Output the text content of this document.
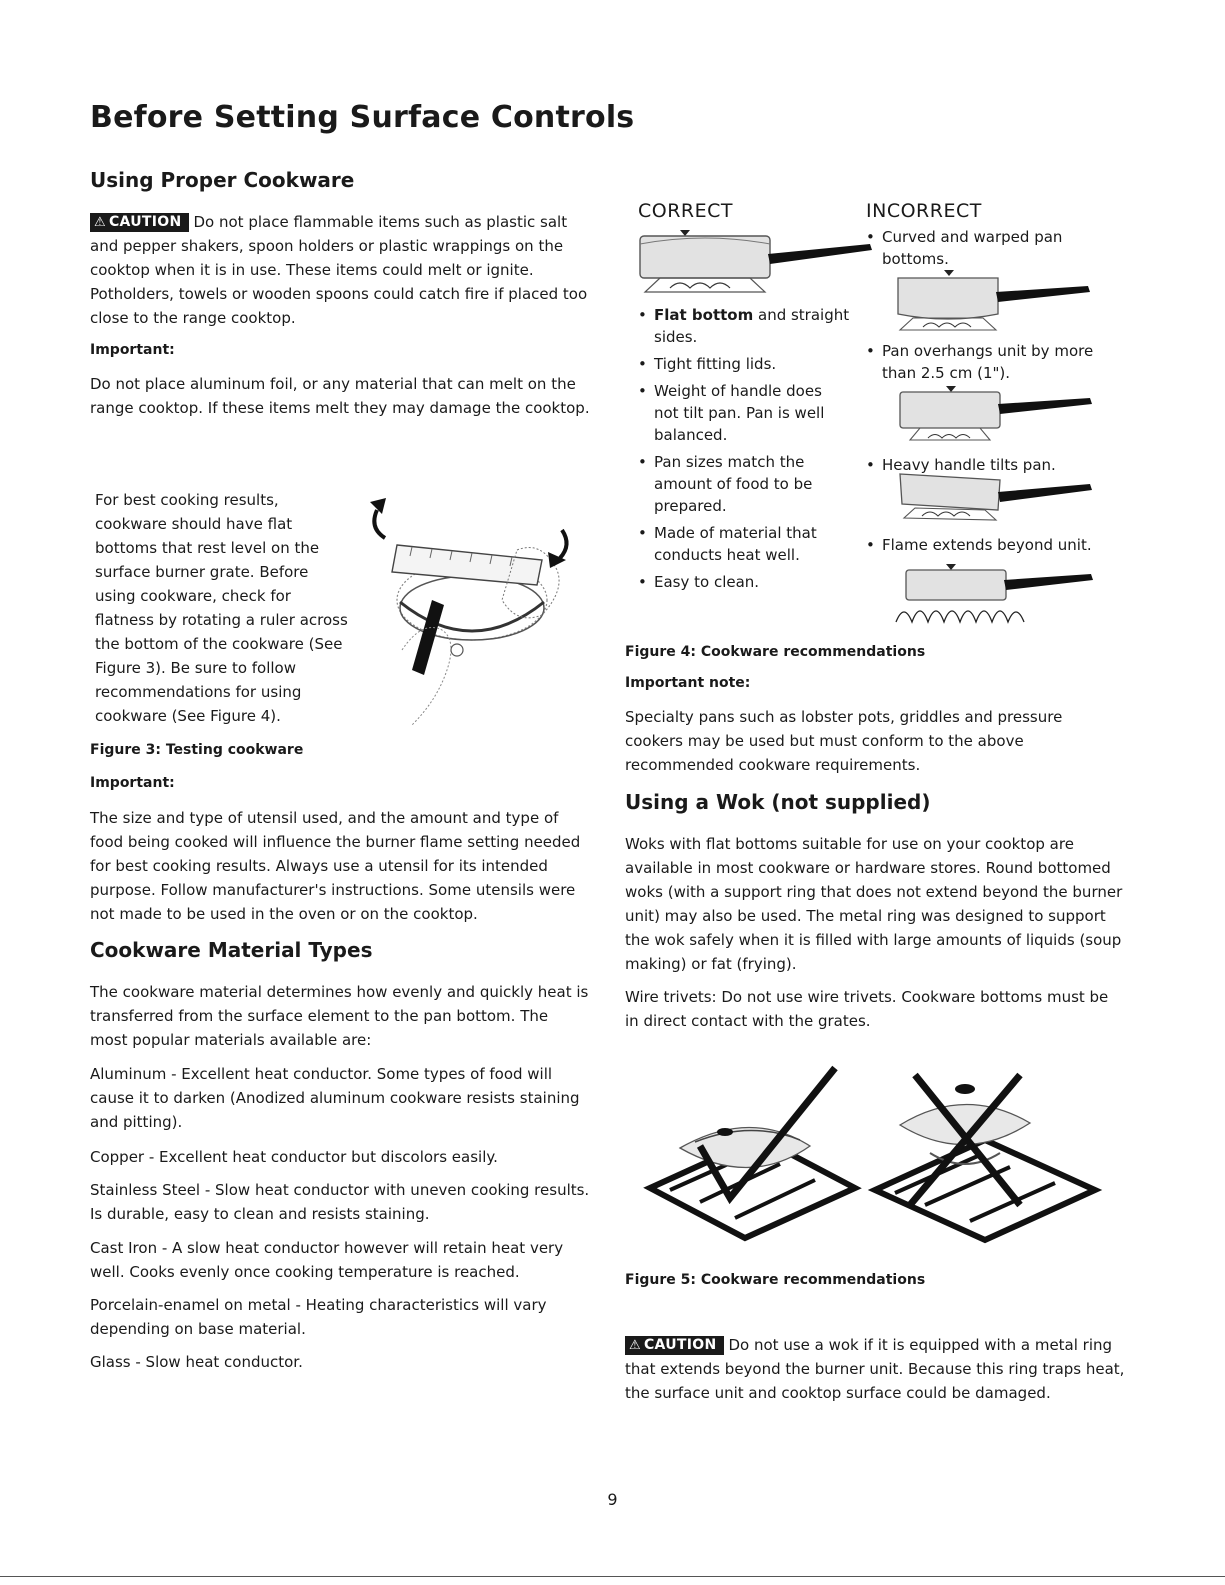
Before Setting Surface Controls
Using Proper Cookware
⚠ CAUTION Do not place flammable items such as plastic salt and pepper shakers, spoon holders or plastic wrappings on the cooktop when it is in use. These items could melt or ignite. Potholders, towels or wooden spoons could catch fire if placed too close to the range cooktop.
Important:
Do not place aluminum foil, or any material that can melt on the range cooktop. If these items melt they may damage the cooktop.
For best cooking results, cookware should have flat bottoms that rest level on the surface burner grate. Before using cookware, check for flatness by rotating a ruler across the bottom of the cookware (See Figure 3). Be sure to follow recommendations for using cookware (See Figure 4).
Figure 3: Testing cookware
Important:
The size and type of utensil used, and the amount and type of food being cooked will influence the burner flame setting needed for best cooking results. Always use a utensil for its intended purpose. Follow manufacturer's instructions. Some utensils were not made to be used in the oven or on the cooktop.
Cookware Material Types
The cookware material determines how evenly and quickly heat is transferred from the surface element to the pan bottom. The most popular materials available are:
Aluminum - Excellent heat conductor. Some types of food will cause it to darken (Anodized aluminum cookware resists staining and pitting).
Copper - Excellent heat conductor but discolors easily.
Stainless Steel - Slow heat conductor with uneven cooking results. Is durable, easy to clean and resists staining.
Cast Iron - A slow heat conductor however will retain heat very well. Cooks evenly once cooking temperature is reached.
Porcelain-enamel on metal - Heating characteristics will vary depending on base material.
Glass - Slow heat conductor.
CORRECT	INCORRECT
• Flat bottom and straight sides.
• Tight fitting lids.
• Weight of handle does not tilt pan. Pan is well balanced.
• Pan sizes match the amount of food to be prepared.
• Made of material that conducts heat well.
• Easy to clean.
• Curved and warped pan bottoms.
• Pan overhangs unit by more than 2.5 cm (1").
• Heavy handle tilts pan.
• Flame extends beyond unit.
Figure 4: Cookware recommendations
Important note:
Specialty pans such as lobster pots, griddles and pressure cookers may be used but must conform to the above recommended cookware requirements.
Using a Wok (not supplied)
Woks with flat bottoms suitable for use on your cooktop are available in most cookware or hardware stores. Round bottomed woks (with a support ring that does not extend beyond the burner unit) may also be used. The metal ring was designed to support the wok safely when it is filled with large amounts of liquids (soup making) or fat (frying).
Wire trivets: Do not use wire trivets. Cookware bottoms must be in direct contact with the grates.
Figure 5: Cookware recommendations
⚠ CAUTION Do not use a wok if it is equipped with a metal ring that extends beyond the burner unit. Because this ring traps heat, the surface unit and cooktop surface could be damaged.
9
